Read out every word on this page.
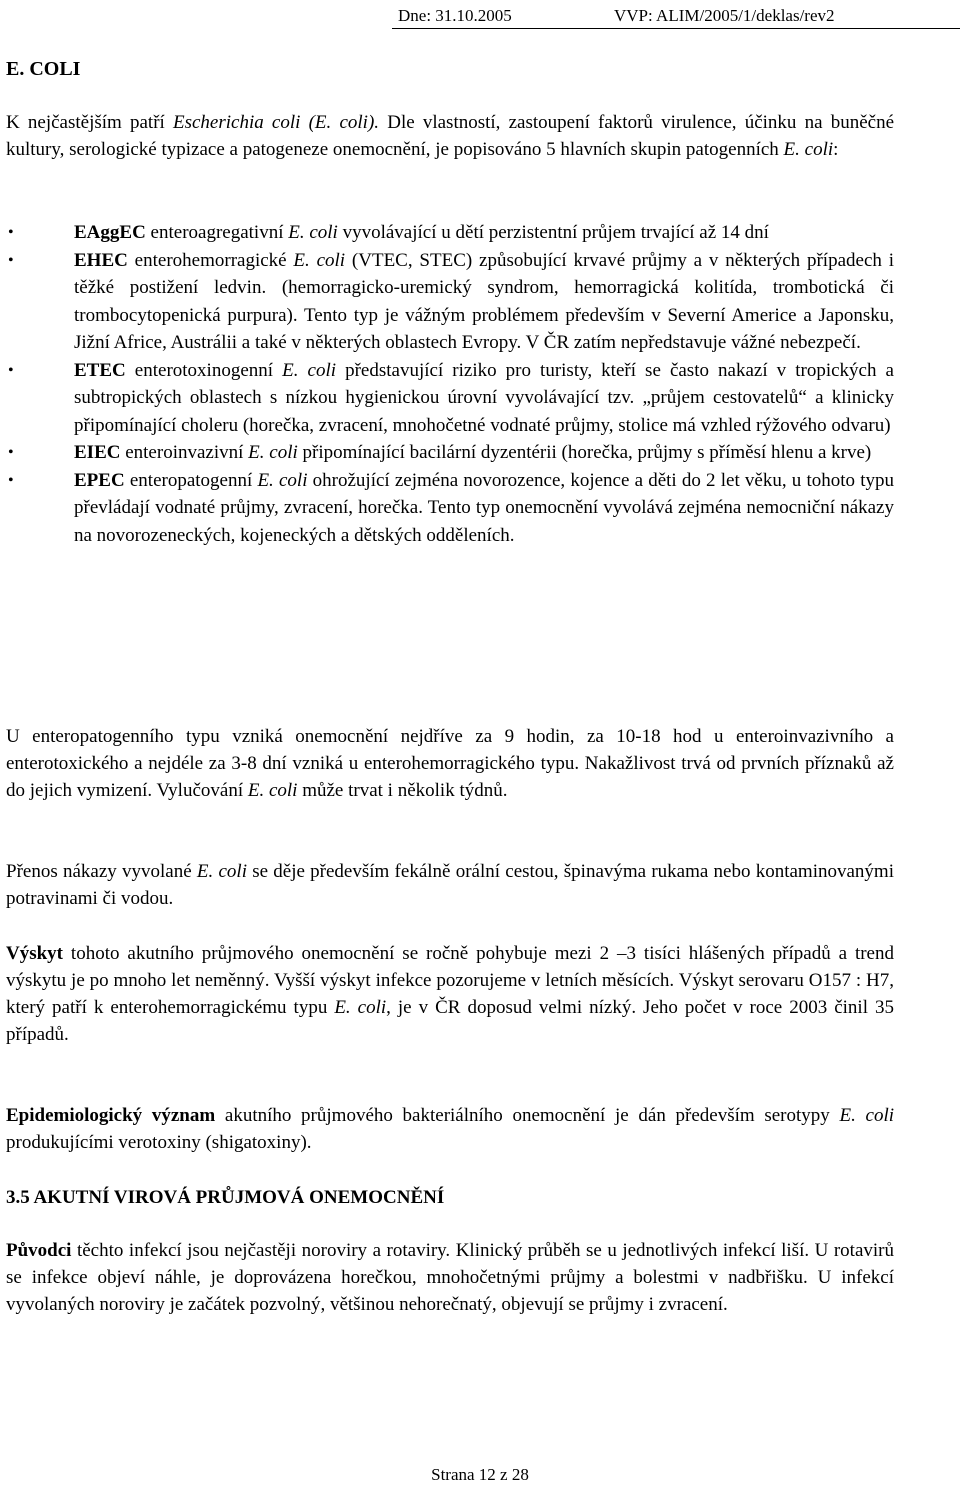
Dne: 31.10.2005	VVP: ALIM/2005/1/deklas/rev2
E. COLI
K nejčastějším patří Escherichia coli (E. coli). Dle vlastností, zastoupení faktorů virulence, účinku na buněčné kultury, serologické typizace a patogeneze onemocnění, je popisováno 5 hlavních skupin patogenních E. coli:
•	EAggEC enteroagregativní E. coli vyvolávající u dětí perzistentní průjem trvající až 14 dní
•	EHEC enterohemorragické E. coli (VTEC, STEC) způsobující krvavé průjmy a v některých případech i těžké postižení ledvin. (hemorragicko-uremický syndrom, hemorragická kolitída, trombotická či trombocytopenická purpura). Tento typ je vážným problémem především v Severní Americe a Japonsku, Jižní Africe, Austrálii a také v některých oblastech Evropy. V ČR zatím nepředstavuje vážné nebezpečí.
•	ETEC enterotoxinogenní E. coli představující riziko pro turisty, kteří se často nakazí v tropických a subtropických oblastech s nízkou hygienickou úrovní vyvolávající tzv. „průjem cestovatelů“ a klinicky připomínající choleru (horečka, zvracení, mnohočetné vodnaté průjmy, stolice má vzhled rýžového odvaru)
•	EIEC enteroinvazivní E. coli připomínající bacilární dyzentérii (horečka, průjmy s příměsí hlenu a krve)
•	EPEC enteropatogenní E. coli ohrožující zejména novorozence, kojence a děti do 2 let věku, u tohoto typu převládají vodnaté průjmy, zvracení, horečka. Tento typ onemocnění vyvolává zejména nemocniční nákazy na novorozeneckých, kojeneckých a dětských odděleních.
U enteropatogenního typu vzniká onemocnění nejdříve za 9 hodin, za 10-18 hod u enteroinvazivního a enterotoxického a nejdéle za 3-8 dní vzniká u enterohemorragického typu. Nakažlivost trvá od prvních příznaků až do jejich vymizení. Vylučování E. coli může trvat i několik týdnů.
Přenos nákazy vyvolané E. coli se děje především fekálně orální cestou, špinavýma rukama nebo kontaminovanými potravinami či vodou.
Výskyt tohoto akutního průjmového onemocnění se ročně pohybuje mezi 2 –3 tisíci hlášených případů a trend výskytu je po mnoho let neměnný. Vyšší výskyt infekce pozorujeme v letních měsících. Výskyt serovaru O157 : H7, který patří k enterohemorragickému typu E. coli, je v ČR doposud velmi nízký. Jeho počet v roce 2003 činil 35 případů.
Epidemiologický význam akutního průjmového bakteriálního onemocnění je dán především serotypy E. coli produkujícími verotoxiny (shigatoxiny).
3.5 AKUTNÍ VIROVÁ PRŮJMOVÁ ONEMOCNĚNÍ
Původci těchto infekcí jsou nejčastěji noroviry a rotaviry. Klinický průběh se u jednotlivých infekcí liší. U rotavirů se infekce objeví náhle, je doprovázena horečkou, mnohočetnými průjmy a bolestmi v nadbřišku. U infekcí vyvolaných noroviry je začátek pozvolný, většinou nehorečnatý, objevují se průjmy i zvracení.
Strana 12 z 28
